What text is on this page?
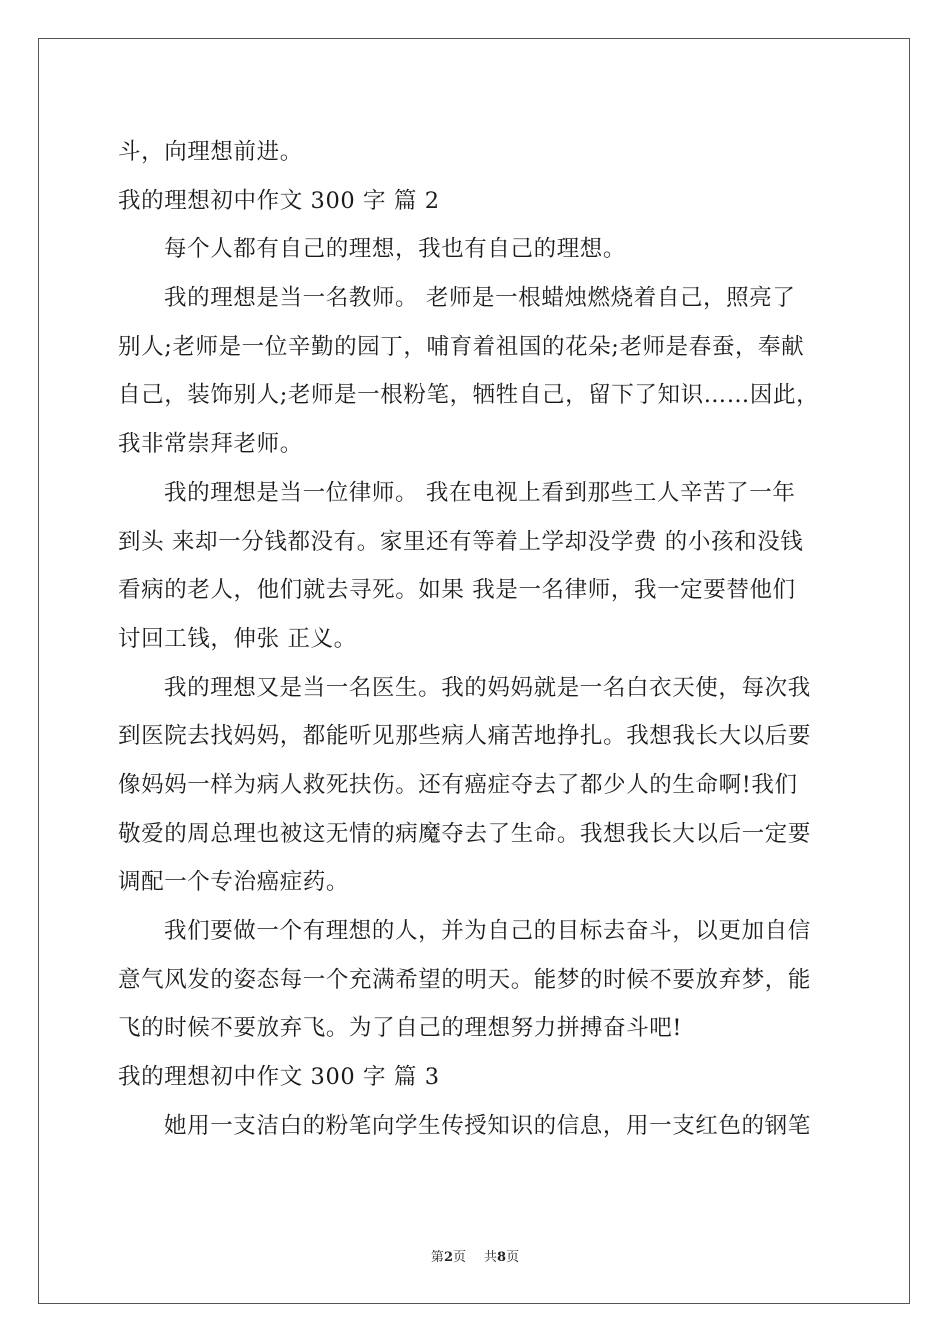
斗，向理想前进。
我的理想初中作文 300 字 篇 2
每个人都有自己的理想，我也有自己的理想。
我的理想是当一名教师。 老师是一根蜡烛燃烧着自己，照亮了
别人;老师是一位辛勤的园丁，哺育着祖国的花朵;老师是春蚕，奉献
自己，装饰别人;老师是一根粉笔，牺牲自己，留下了知识……因此，
我非常崇拜老师。
我的理想是当一位律师。 我在电视上看到那些工人辛苦了一年
到头 来却一分钱都没有。家里还有等着上学却没学费 的小孩和没钱
看病的老人，他们就去寻死。如果 我是一名律师，我一定要替他们
讨回工钱，伸张 正义。
我的理想又是当一名医生。我的妈妈就是一名白衣天使，每次我
到医院去找妈妈，都能听见那些病人痛苦地挣扎。我想我长大以后要
像妈妈一样为病人救死扶伤。还有癌症夺去了都少人的生命啊!我们
敬爱的周总理也被这无情的病魔夺去了生命。我想我长大以后一定要
调配一个专治癌症药。
我们要做一个有理想的人，并为自己的目标去奋斗，以更加自信
意气风发的姿态每一个充满希望的明天。能梦的时候不要放弃梦，能
飞的时候不要放弃飞。为了自己的理想努力拼搏奋斗吧!
我的理想初中作文 300 字 篇 3
她用一支洁白的粉笔向学生传授知识的信息，用一支红色的钢笔
第2页 共8页
